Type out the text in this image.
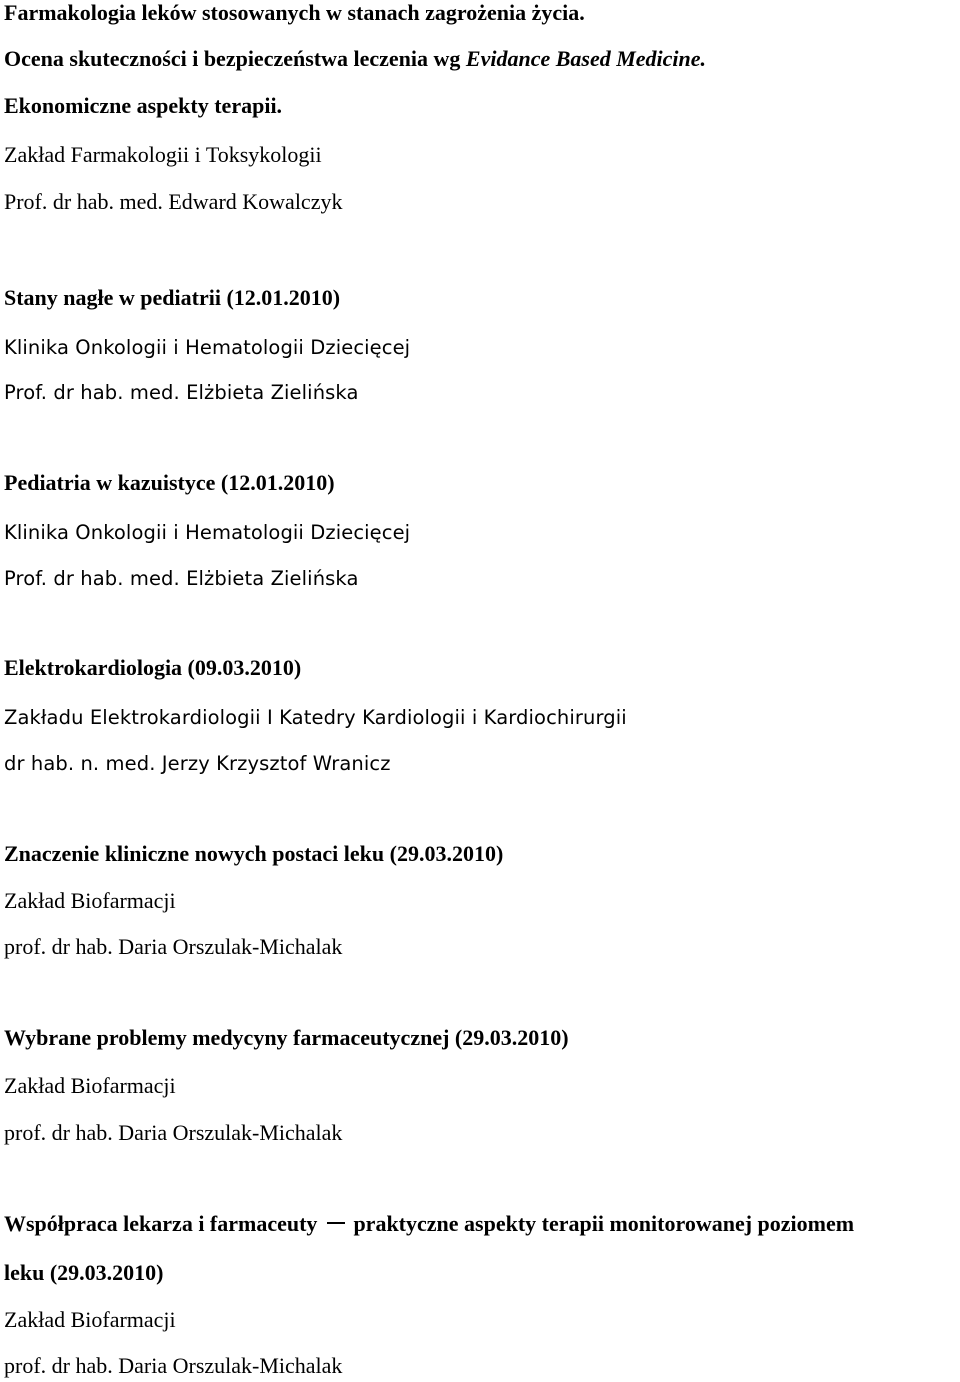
Farmakologia leków stosowanych w stanach zagrożenia życia.
Ocena skuteczności i bezpieczeństwa leczenia wg Evidance Based Medicine.
Ekonomiczne aspekty terapii.
Zakład Farmakologii i Toksykologii
Prof. dr hab. med. Edward Kowalczyk
Stany nagłe w pediatrii (12.01.2010)
Klinika Onkologii i Hematologii Dziecięcej
Prof. dr hab. med. Elżbieta Zielińska
Pediatria w kazuistyce (12.01.2010)
Klinika Onkologii i Hematologii Dziecięcej
Prof. dr hab. med. Elżbieta Zielińska
Elektrokardiologia (09.03.2010)
Zakładu Elektrokardiologii I Katedry Kardiologii i Kardiochirurgii
dr hab. n. med. Jerzy Krzysztof Wranicz
Znaczenie kliniczne nowych postaci leku (29.03.2010)
Zakład Biofarmacji
prof. dr hab. Daria Orszulak-Michalak
Wybrane problemy medycyny farmaceutycznej (29.03.2010)
Zakład Biofarmacji
prof. dr hab. Daria Orszulak-Michalak
Współpraca lekarza i farmaceuty praktyczne aspekty terapii monitorowanej poziomem
leku (29.03.2010)
Zakład Biofarmacji
prof. dr hab. Daria Orszulak-Michalak
